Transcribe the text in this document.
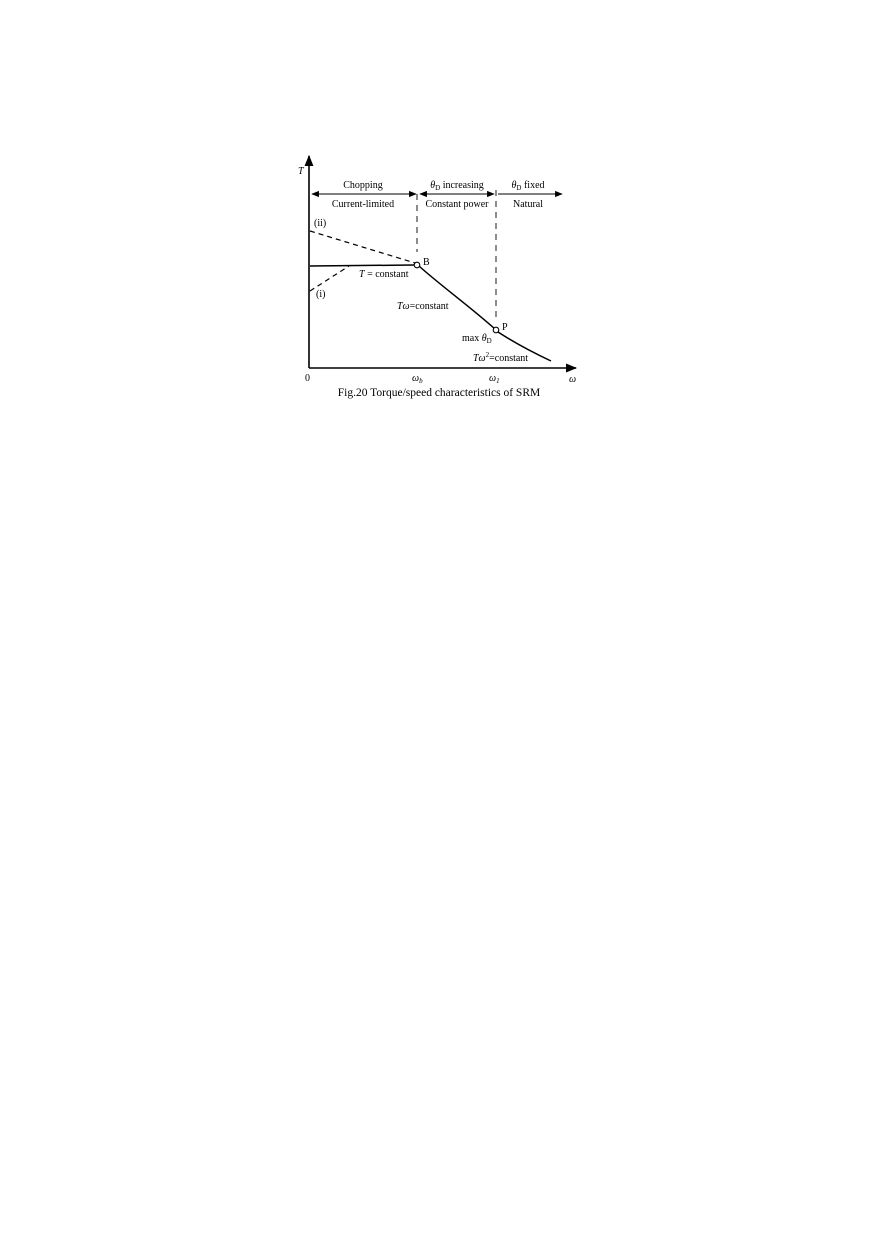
T
0	ω
$\omega_b$	$\omega_1$
Chopping	$\theta_D$ increasing	$\theta_D$ fixed
Current-limited	Constant power Natural
B
P
(ii)
(i)
T = constant
Tω=constant
$\max \theta_D$
$T\omega^2=constant$
Fig.20 Torque/speed characteristics of SRM
